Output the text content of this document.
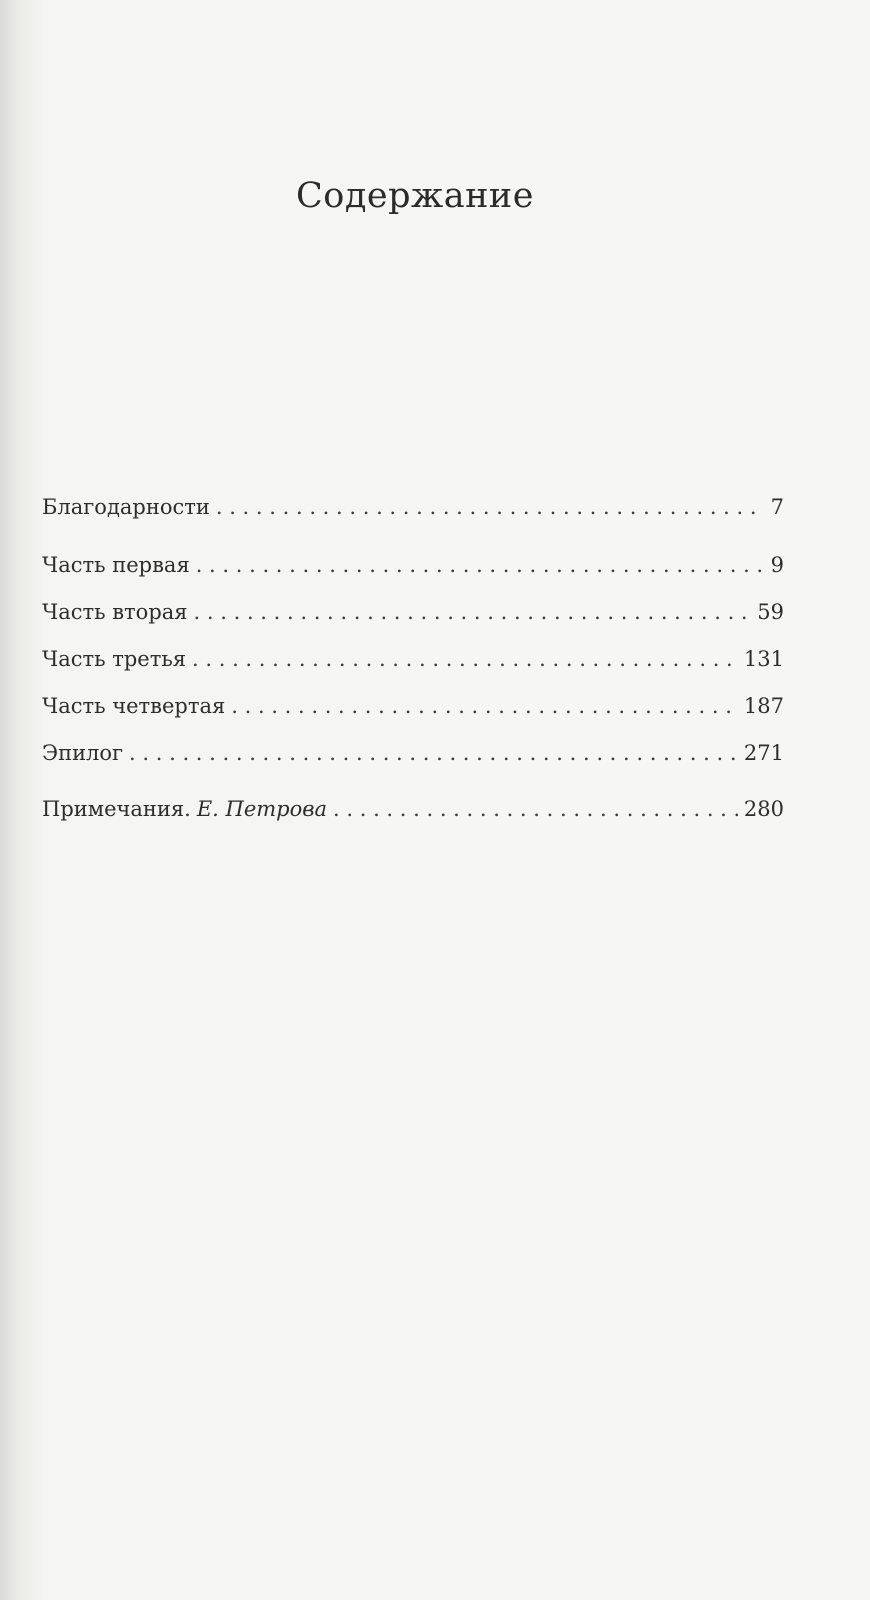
Содержание
Благодарности . . .	7
Часть первая . . .	9
Часть вторая . . .	59
Часть третья . . .	131
Часть четвертая . . .	187
Эпилог . . .	271
Примечания. Е. Петрова . . .	280
